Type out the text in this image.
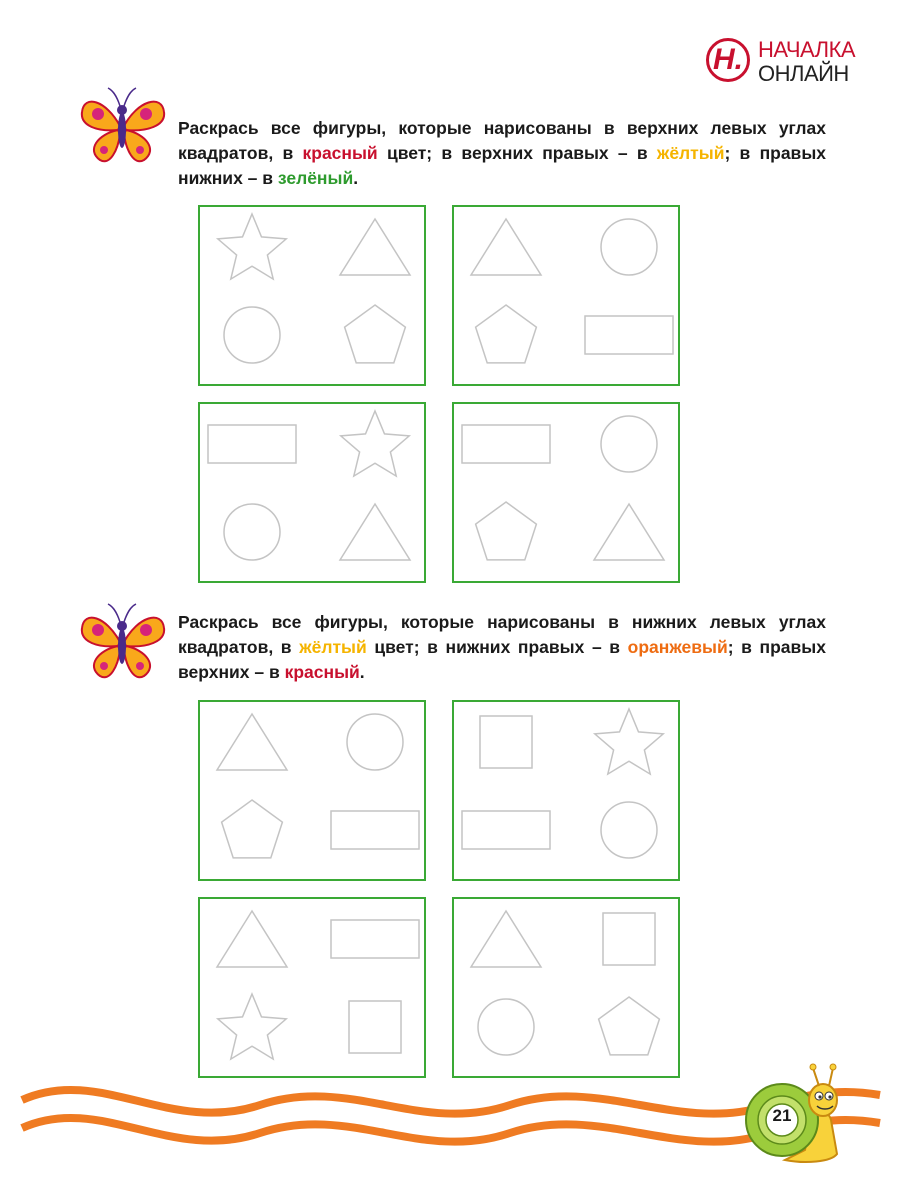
Н. НАЧАЛКА
ОНЛАЙН

Раскрась все фигуры, которые нарисованы в верхних левых углах квадратов, в красный цвет; в верхних правых – в жёлтый; в правых нижних – в зелёный.

Раскрась все фигуры, которые нарисованы в нижних левых углах квадратов, в жёлтый цвет; в нижних правых – в оранжевый; в правых верхних – в красный.

21
